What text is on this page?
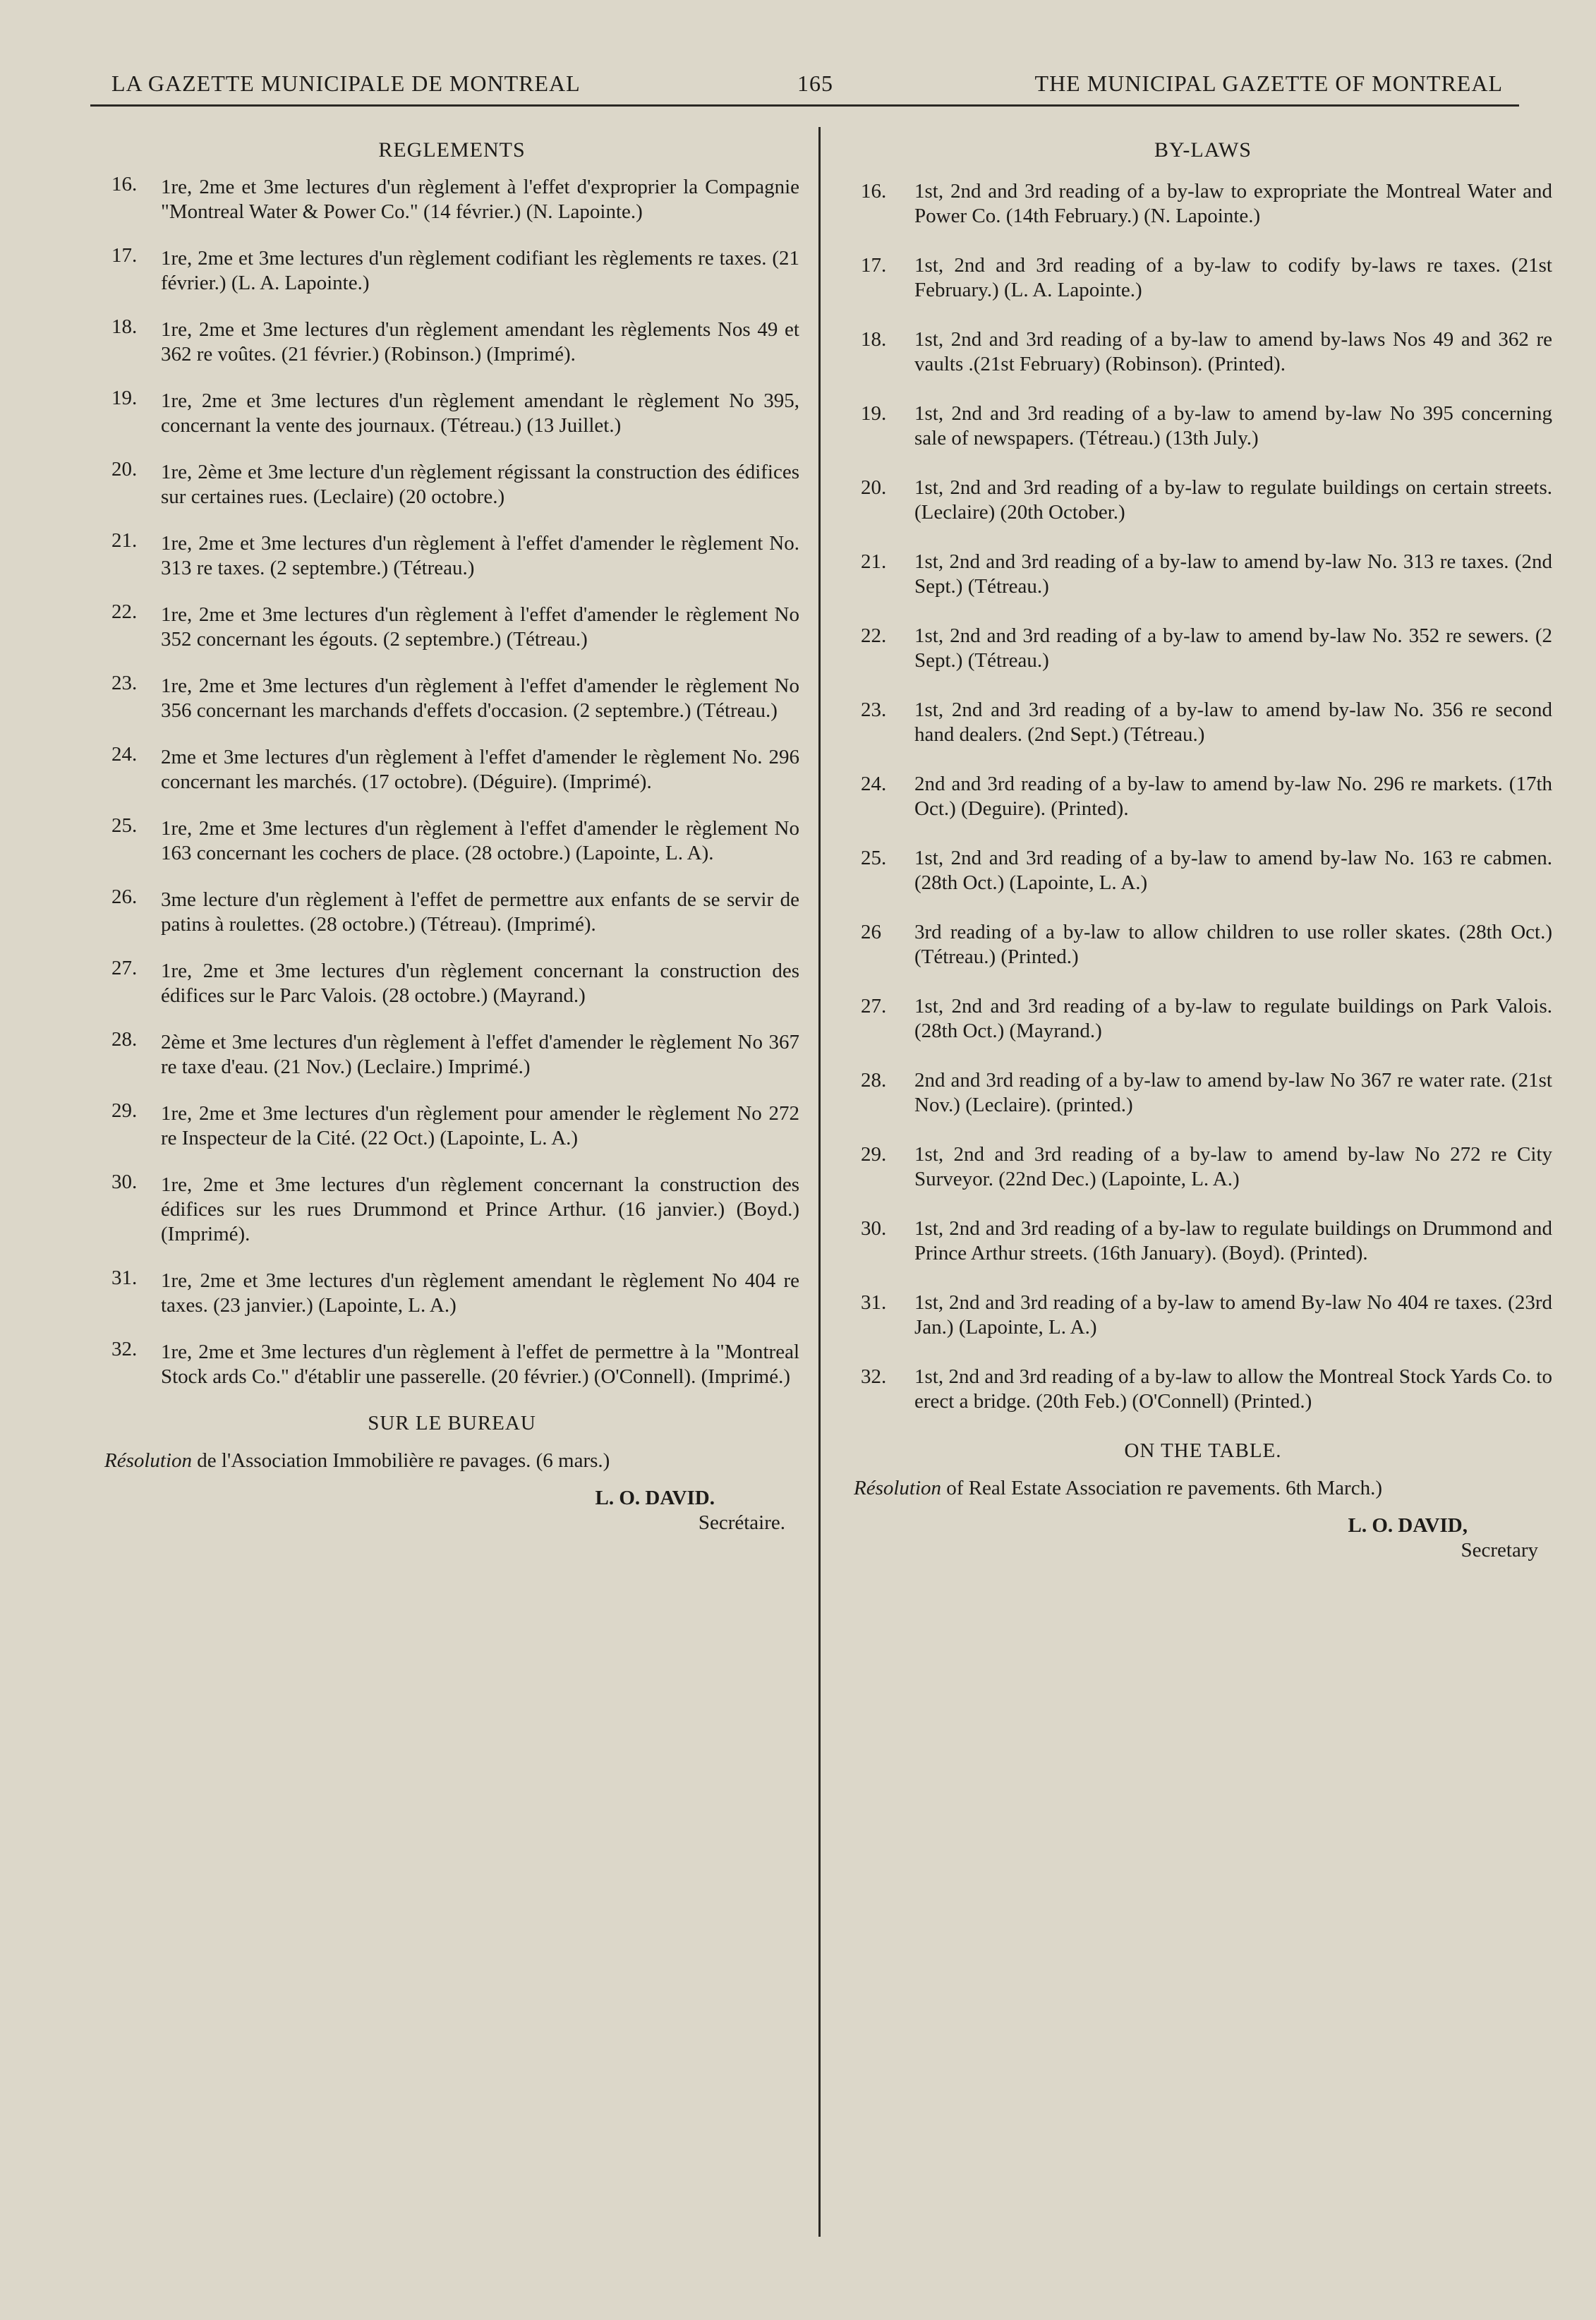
LA GAZETTE MUNICIPALE DE MONTREAL	165	THE MUNICIPAL GAZETTE OF MONTREAL
REGLEMENTS
16. 1re, 2me et 3me lectures d'un règlement à l'effet d'exproprier la Compagnie "Montreal Water & Power Co." (14 février.) (N. Lapointe.)
17. 1re, 2me et 3me lectures d'un règlement codifiant les règlements re taxes. (21 février.) (L. A. Lapointe.)
18. 1re, 2me et 3me lectures d'un règlement amendant les règlements Nos 49 et 362 re voûtes. (21 février.) (Robinson.) (Imprimé).
19. 1re, 2me et 3me lectures d'un règlement amendant le règlement No 395, concernant la vente des journaux. (Tétreau.) (13 Juillet.)
20. 1re, 2ème et 3me lecture d'un règlement régissant la construction des édifices sur certaines rues. (Leclaire) (20 octobre.)
21. 1re, 2me et 3me lectures d'un règlement à l'effet d'amender le règlement No. 313 re taxes. (2 septembre.) (Tétreau.)
22. 1re, 2me et 3me lectures d'un règlement à l'effet d'amender le règlement No 352 concernant les égouts. (2 septembre.) (Tétreau.)
23. 1re, 2me et 3me lectures d'un règlement à l'effet d'amender le règlement No 356 concernant les marchands d'effets d'occasion. (2 septembre.) (Tétreau.)
24. 2me et 3me lectures d'un règlement à l'effet d'amender le règlement No. 296 concernant les marchés. (17 octobre). (Déguire). (Imprimé).
25. 1re, 2me et 3me lectures d'un règlement à l'effet d'amender le règlement No 163 concernant les cochers de place. (28 octobre.) (Lapointe, L. A).
26. 3me lecture d'un règlement à l'effet de permettre aux enfants de se servir de patins à roulettes. (28 octobre.) (Tétreau). (Imprimé).
27. 1re, 2me et 3me lectures d'un règlement concernant la construction des édifices sur le Parc Valois. (28 octobre.) (Mayrand.)
28. 2ème et 3me lectures d'un règlement à l'effet d'amender le règlement No 367 re taxe d'eau. (21 Nov.) (Leclaire.) Imprimé.)
29. 1re, 2me et 3me lectures d'un règlement pour amender le règlement No 272 re Inspecteur de la Cité. (22 Oct.) (Lapointe, L. A.)
30. 1re, 2me et 3me lectures d'un règlement concernant la construction des édifices sur les rues Drummond et Prince Arthur. (16 janvier.) (Boyd.) (Imprimé).
31. 1re, 2me et 3me lectures d'un règlement amendant le règlement No 404 re taxes. (23 janvier.) (Lapointe, L. A.)
32. 1re, 2me et 3me lectures d'un règlement à l'effet de permettre à la "Montreal Stock ards Co." d'établir une passerelle. (20 février.) (O'Connell). (Imprimé.)
SUR LE BUREAU
Résolution de l'Association Immobilière re pavages. (6 mars.)
L. O. DAVID.
Secrétaire.
BY-LAWS
16. 1st, 2nd and 3rd reading of a by-law to expropriate the Montreal Water and Power Co. (14th February.) (N. Lapointe.)
17. 1st, 2nd and 3rd reading of a by-law to codify by-laws re taxes. (21st February.) (L. A. Lapointe.)
18. 1st, 2nd and 3rd reading of a by-law to amend by-laws Nos 49 and 362 re vaults .(21st February) (Robinson). (Printed).
19. 1st, 2nd and 3rd reading of a by-law to amend by-law No 395 concerning sale of newspapers. (Tétreau.) (13th July.)
20. 1st, 2nd and 3rd reading of a by-law to regulate buildings on certain streets. (Leclaire) (20th October.)
21. 1st, 2nd and 3rd reading of a by-law to amend by-law No. 313 re taxes. (2nd Sept.) (Tétreau.)
22. 1st, 2nd and 3rd reading of a by-law to amend by-law No. 352 re sewers. (2 Sept.) (Tétreau.)
23. 1st, 2nd and 3rd reading of a by-law to amend by-law No. 356 re second hand dealers. (2nd Sept.) (Tétreau.)
24. 2nd and 3rd reading of a by-law to amend by-law No. 296 re markets. (17th Oct.) (Deguire). (Printed).
25. 1st, 2nd and 3rd reading of a by-law to amend by-law No. 163 re cabmen. (28th Oct.) (Lapointe, L. A.)
26 3rd reading of a by-law to allow children to use roller skates. (28th Oct.) (Tétreau.) (Printed.)
27. 1st, 2nd and 3rd reading of a by-law to regulate buildings on Park Valois. (28th Oct.) (Mayrand.)
28. 2nd and 3rd reading of a by-law to amend by-law No 367 re water rate. (21st Nov.) (Leclaire). (printed.)
29. 1st, 2nd and 3rd reading of a by-law to amend by-law No 272 re City Surveyor. (22nd Dec.) (Lapointe, L. A.)
30. 1st, 2nd and 3rd reading of a by-law to regulate buildings on Drummond and Prince Arthur streets. (16th January). (Boyd). (Printed).
31. 1st, 2nd and 3rd reading of a by-law to amend By-law No 404 re taxes. (23rd Jan.) (Lapointe, L. A.)
32. 1st, 2nd and 3rd reading of a by-law to allow the Montreal Stock Yards Co. to erect a bridge. (20th Feb.) (O'Connell) (Printed.)
ON THE TABLE.
Résolution of Real Estate Association re pavements. 6th March.)
L. O. DAVID,
Secretary
